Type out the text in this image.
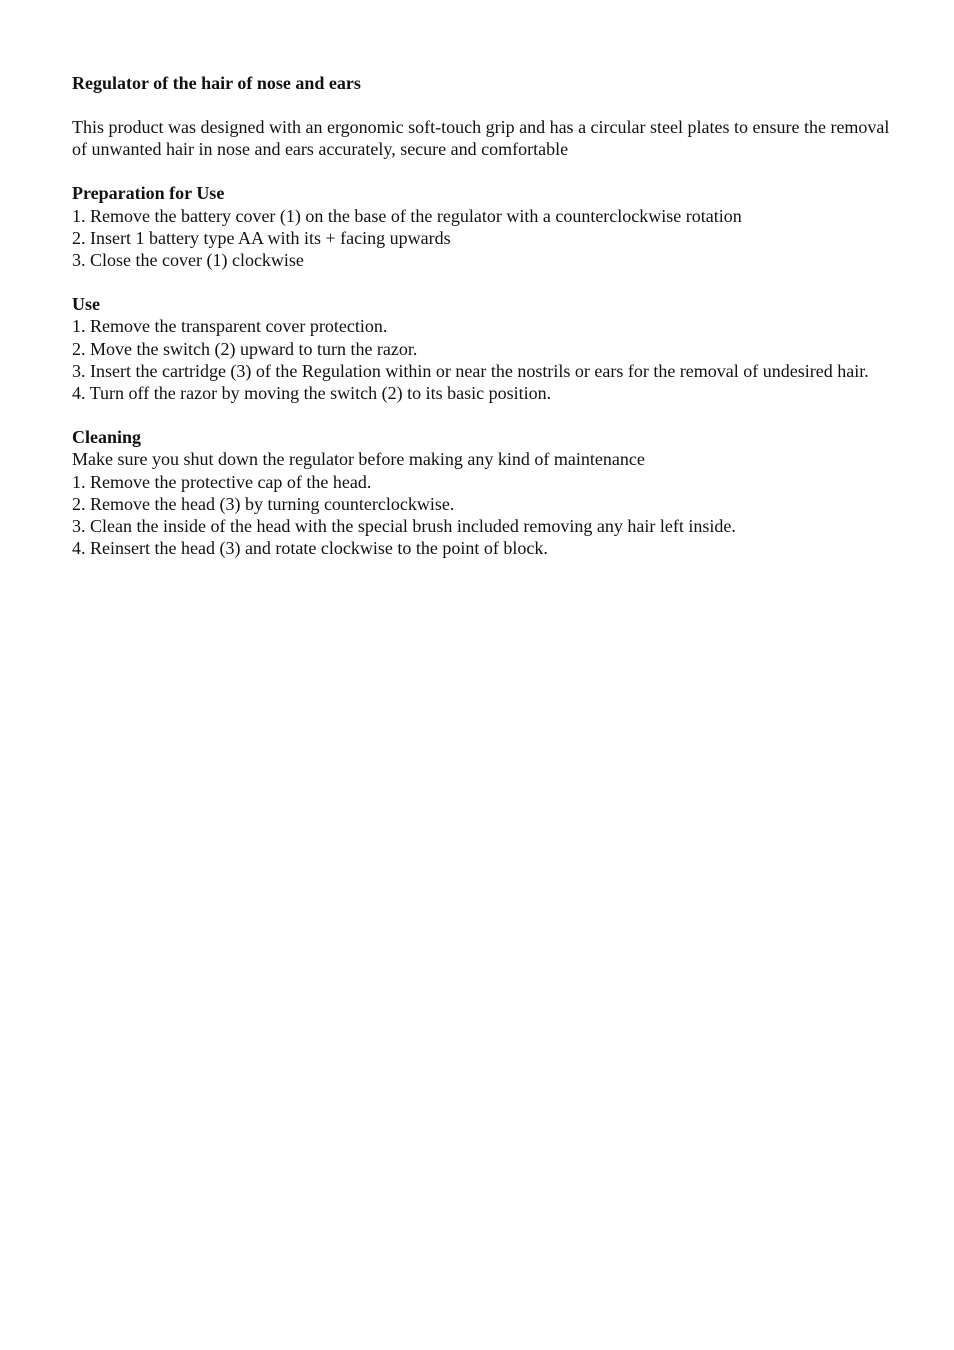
Regulator of the hair of nose and ears

This product was designed with an ergonomic soft-touch grip and has a circular steel plates to ensure the removal of unwanted hair in nose and ears accurately, secure and comfortable

Preparation for Use
1. Remove the battery cover (1) on the base of the regulator with a counterclockwise rotation
2. Insert 1 battery type AA with its + facing upwards
3. Close the cover (1) clockwise
Use
1. Remove the transparent cover protection.
2. Move the switch (2) upward to turn the razor.
3. Insert the cartridge (3) of the Regulation within or near the nostrils or ears for the removal of undesired hair.
4. Turn off the razor by moving the switch (2) to its basic position.
Cleaning

Make sure you shut down the regulator before making any kind of maintenance

1. Remove the protective cap of the head.
2. Remove the head (3) by turning counterclockwise.
3. Clean the inside of the head with the special brush included removing any hair left inside.
4. Reinsert the head (3) and rotate clockwise to the point of block.
